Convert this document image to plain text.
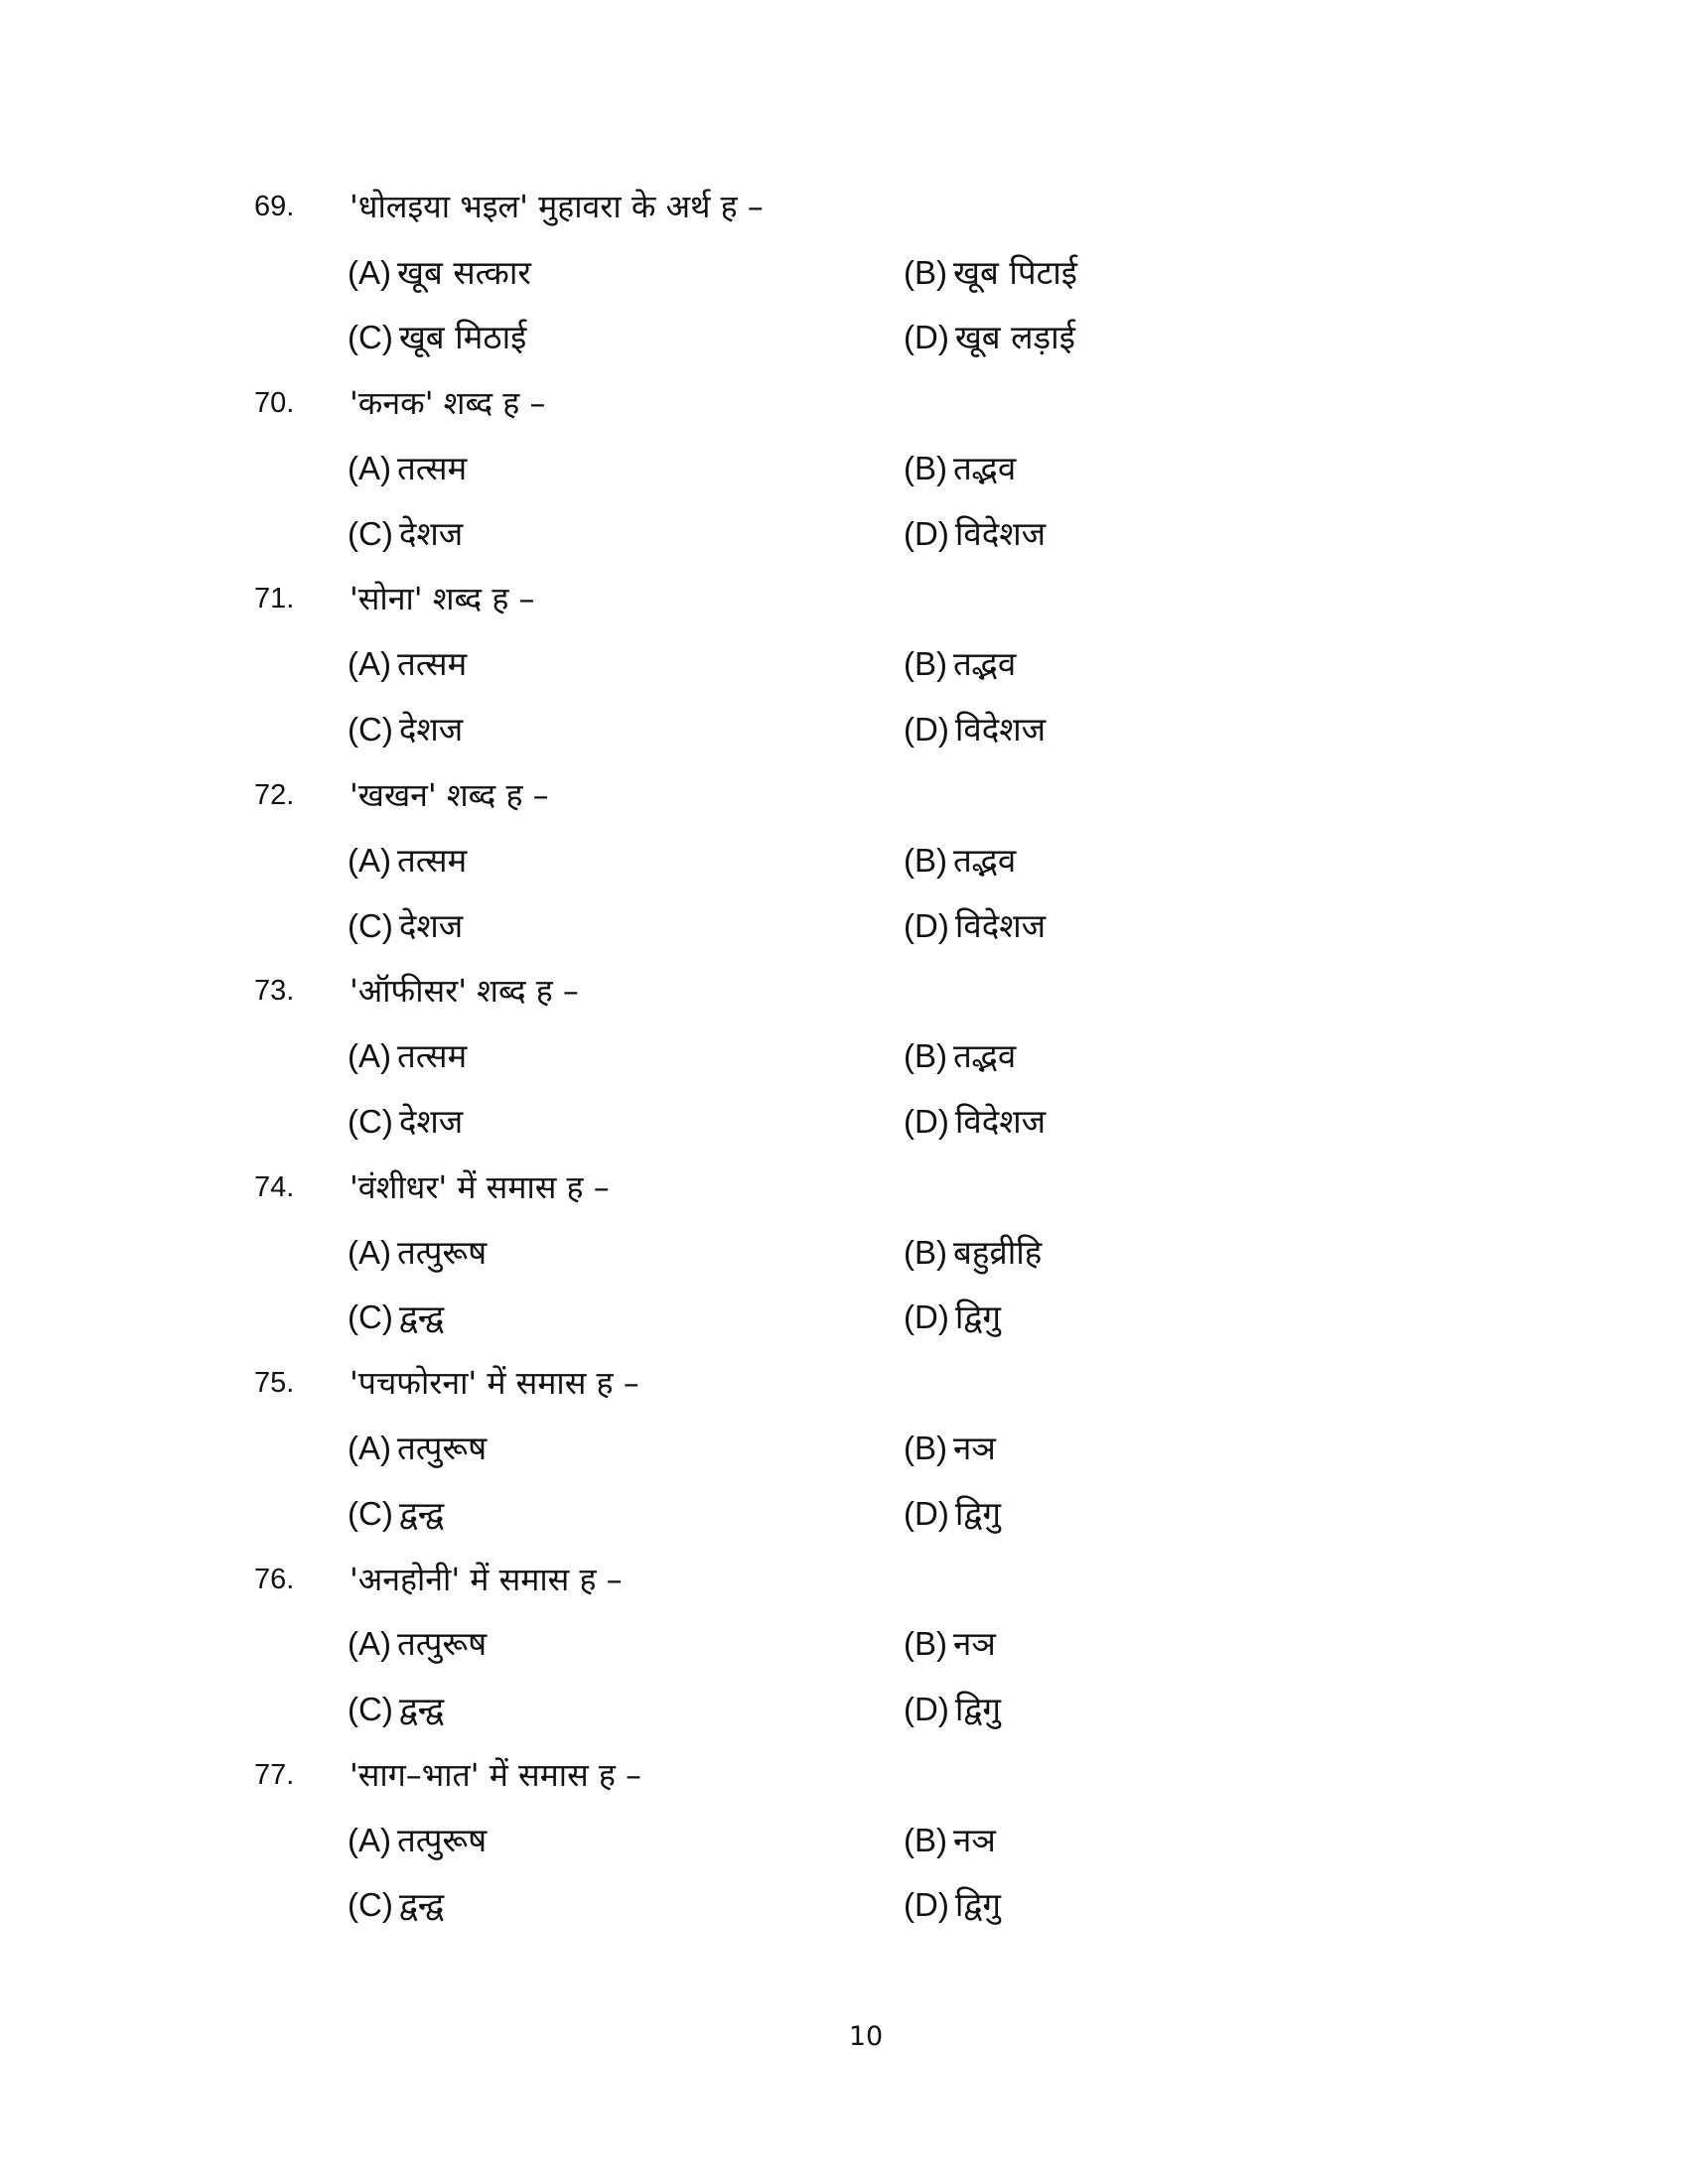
69. 'धोलइया भइल' मुहावरा के अर्थ ह –
(A) खूब सत्कार	(B) खूब पिटाई
(C) खूब मिठाई	(D) खूब लड़ाई
70. 'कनक' शब्द ह –
(A) तत्सम	(B) तद्भव
(C) देशज	(D) विदेशज
71. 'सोना' शब्द ह –
(A) तत्सम	(B) तद्भव
(C) देशज	(D) विदेशज
72. 'खखन' शब्द ह –
(A) तत्सम	(B) तद्भव
(C) देशज	(D) विदेशज
73. 'ऑफीसर' शब्द ह –
(A) तत्सम	(B) तद्भव
(C) देशज	(D) विदेशज
74. 'वंशीधर' में समास ह –
(A) तत्पुरूष	(B) बहुव्रीहि
(C) द्वन्द्व	(D) द्विगु
75. 'पचफोरना' में समास ह –
(A) तत्पुरूष	(B) नञ
(C) द्वन्द्व	(D) द्विगु
76. 'अनहोनी' में समास ह –
(A) तत्पुरूष	(B) नञ
(C) द्वन्द्व	(D) द्विगु
77. 'साग–भात' में समास ह –
(A) तत्पुरूष	(B) नञ
(C) द्वन्द्व	(D) द्विगु
10
